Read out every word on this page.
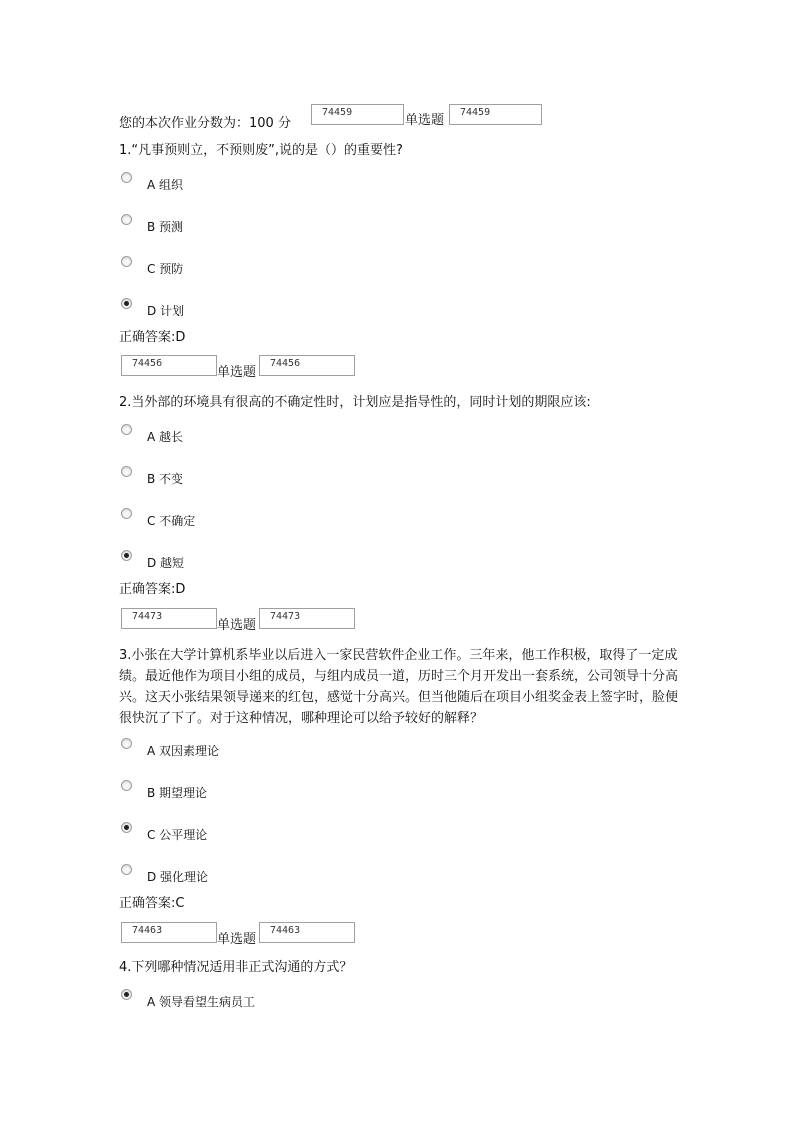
您的本次作业分数为：100 分
74459
单选题
74459
1.“凡事预则立，不预则废”,说的是（）的重要性?
A 组织
B 预测
C 预防
D 计划
正确答案:D
74456
单选题
74456
2.当外部的环境具有很高的不确定性时，计划应是指导性的，同时计划的期限应该:
A 越长
B 不变
C 不确定
D 越短
正确答案:D
74473
单选题
74473
3.小张在大学计算机系毕业以后进入一家民营软件企业工作。三年来，他工作积极，取得了一定成绩。最近他作为项目小组的成员，与组内成员一道，历时三个月开发出一套系统，公司领导十分高兴。这天小张结果领导递来的红包，感觉十分高兴。但当他随后在项目小组奖金表上签字时，脸便很快沉了下了。对于这种情况，哪种理论可以给予较好的解释？
A 双因素理论
B 期望理论
C 公平理论
D 强化理论
正确答案:C
74463
单选题
74463
4.下列哪种情况适用非正式沟通的方式？
A 领导看望生病员工
